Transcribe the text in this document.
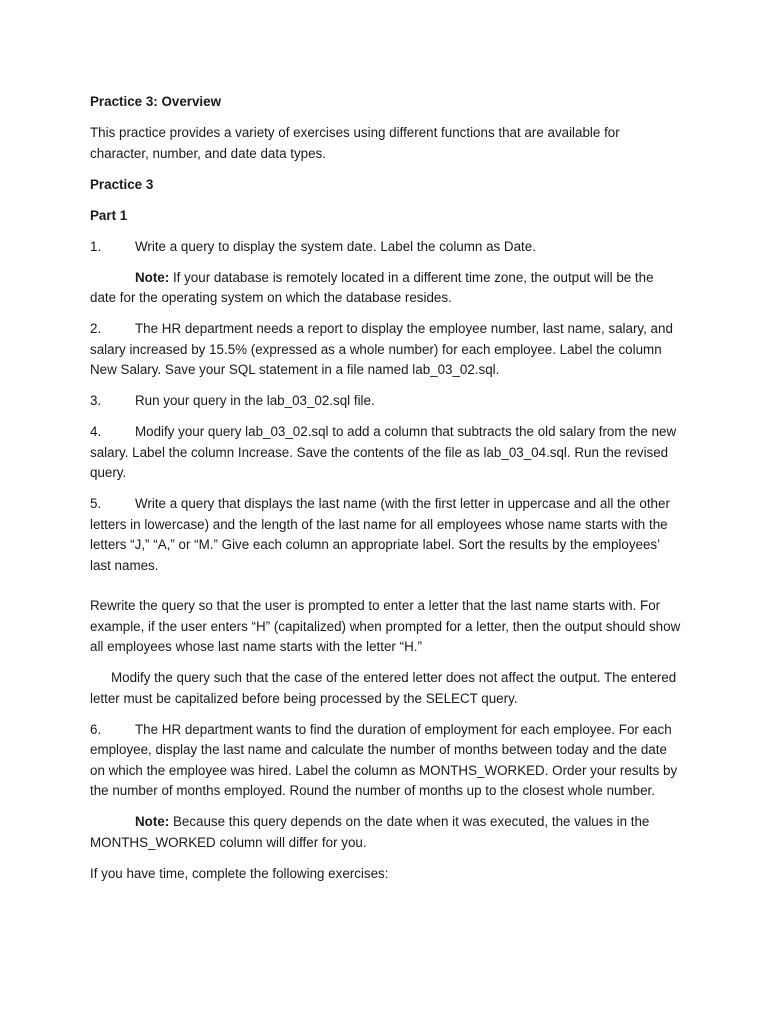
Practice 3: Overview

This practice provides a variety of exercises using different functions that are available for character, number, and date data types.

Practice 3

Part 1

1.	Write a query to display the system date. Label the column as Date.

Note: If your database is remotely located in a different time zone, the output will be the date for the operating system on which the database resides.

2.	The HR department needs a report to display the employee number, last name, salary, and salary increased by 15.5% (expressed as a whole number) for each employee. Label the column New Salary. Save your SQL statement in a file named lab_03_02.sql.

3.	Run your query in the lab_03_02.sql file.

4.	Modify your query lab_03_02.sql to add a column that subtracts the old salary from the new salary. Label the column Increase. Save the contents of the file as lab_03_04.sql. Run the revised query.

5.	Write a query that displays the last name (with the first letter in uppercase and all the other letters in lowercase) and the length of the last name for all employees whose name starts with the letters “J,” “A,” or “M.” Give each column an appropriate label. Sort the results by the employees’ last names.

Rewrite the query so that the user is prompted to enter a letter that the last name starts with. For example, if the user enters “H” (capitalized) when prompted for a letter, then the output should show all employees whose last name starts with the letter “H.”

Modify the query such that the case of the entered letter does not affect the output. The entered letter must be capitalized before being processed by the SELECT query.

6.	The HR department wants to find the duration of employment for each employee. For each employee, display the last name and calculate the number of months between today and the date on which the employee was hired. Label the column as MONTHS_WORKED. Order your results by the number of months employed. Round the number of months up to the closest whole number.

Note: Because this query depends on the date when it was executed, the values in the MONTHS_WORKED column will differ for you.

If you have time, complete the following exercises:
